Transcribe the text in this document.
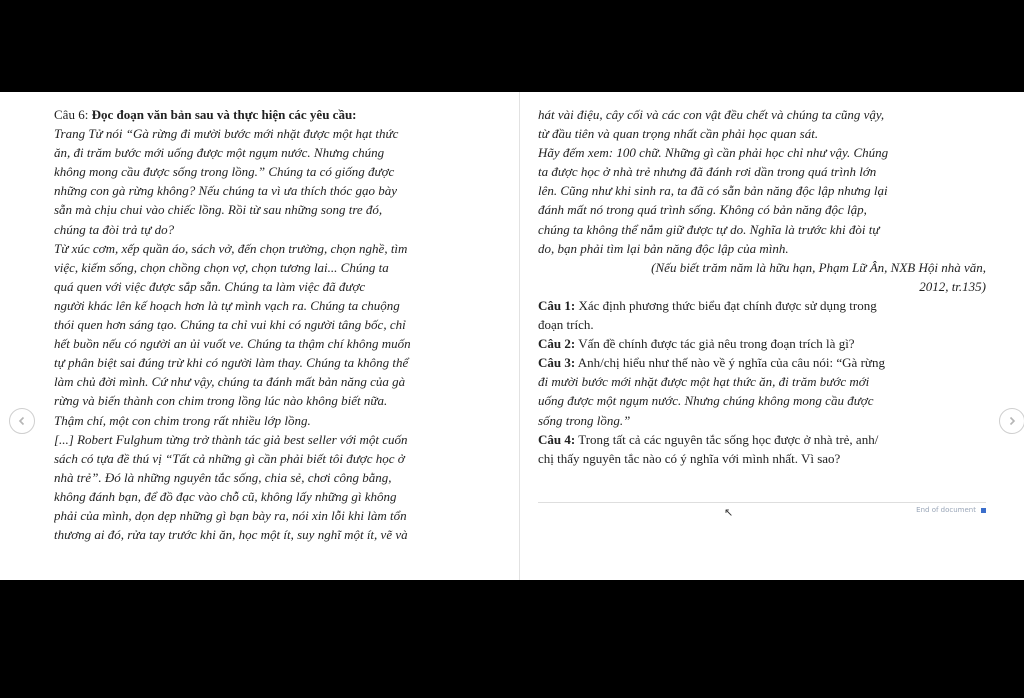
Câu 6: Đọc đoạn văn bản sau và thực hiện các yêu cầu:
Trang Tử nói “Gà rừng đi mười bước mới nhặt được một hạt thức
ăn, đi trăm bước mới uống được một ngụm nước. Nhưng chúng
không mong cầu được sống trong lồng.” Chúng ta có giống được
những con gà rừng không? Nếu chúng ta vì ưa thích thóc gạo bày
sẵn mà chịu chui vào chiếc lồng. Rồi từ sau những song tre đó,
chúng ta đòi trả tự do?
Từ xúc cơm, xếp quần áo, sách vở, đến chọn trường, chọn nghề, tìm
việc, kiếm sống, chọn chồng chọn vợ, chọn tương lai... Chúng ta
quá quen với việc được sắp sẵn. Chúng ta làm việc đã được
người khác lên kế hoạch hơn là tự mình vạch ra. Chúng ta chuộng
thói quen hơn sáng tạo. Chúng ta chỉ vui khi có người tâng bốc, chỉ
hết buồn nếu có người an ủi vuốt ve. Chúng ta thậm chí không muốn
tự phân biệt sai đúng trừ khi có người làm thay. Chúng ta không thể
làm chủ đời mình. Cứ như vậy, chúng ta đánh mất bản năng của gà
rừng và biến thành con chim trong lồng lúc nào không biết nữa.
Thậm chí, một con chim trong rất nhiều lớp lồng.
[...] Robert Fulghum từng trở thành tác giả best seller với một cuốn
sách có tựa đề thú vị “Tất cả những gì cần phải biết tôi được học ở
nhà trẻ”. Đó là những nguyên tắc sống, chia sẻ, chơi công bằng,
không đánh bạn, để đồ đạc vào chỗ cũ, không lấy những gì không
phải của mình, dọn dẹp những gì bạn bày ra, nói xin lỗi khi làm tổn
thương ai đó, rửa tay trước khi ăn, học một ít, suy nghĩ một ít, vẽ và
hát vài điệu, cây cối và các con vật đều chết và chúng ta cũng vậy,
từ đầu tiên và quan trọng nhất cần phải học quan sát.
Hãy đếm xem: 100 chữ. Những gì cần phải học chỉ như vậy. Chúng
ta được học ở nhà trẻ nhưng đã đánh rơi dần trong quá trình lớn
lên. Cũng như khi sinh ra, ta đã có sẵn bản năng độc lập nhưng lại
đánh mất nó trong quá trình sống. Không có bản năng độc lập,
chúng ta không thể nắm giữ được tự do. Nghĩa là trước khi đòi tự
do, bạn phải tìm lại bản năng độc lập của mình.
(Nếu biết trăm năm là hữu hạn, Phạm Lữ Ân, NXB Hội nhà văn,
2012, tr.135)
Câu 1: Xác định phương thức biểu đạt chính được sử dụng trong
đoạn trích.
Câu 2: Vấn đề chính được tác giả nêu trong đoạn trích là gì?
Câu 3: Anh/chị hiểu như thế nào về ý nghĩa của câu nói: “Gà rừng
đi mười bước mới nhặt được một hạt thức ăn, đi trăm bước mới
uống được một ngụm nước. Nhưng chúng không mong cầu được
sống trong lồng.”
Câu 4: Trong tất cả các nguyên tắc sống học được ở nhà trẻ, anh/
chị thấy nguyên tắc nào có ý nghĩa với mình nhất. Vì sao?
↖	End of document
